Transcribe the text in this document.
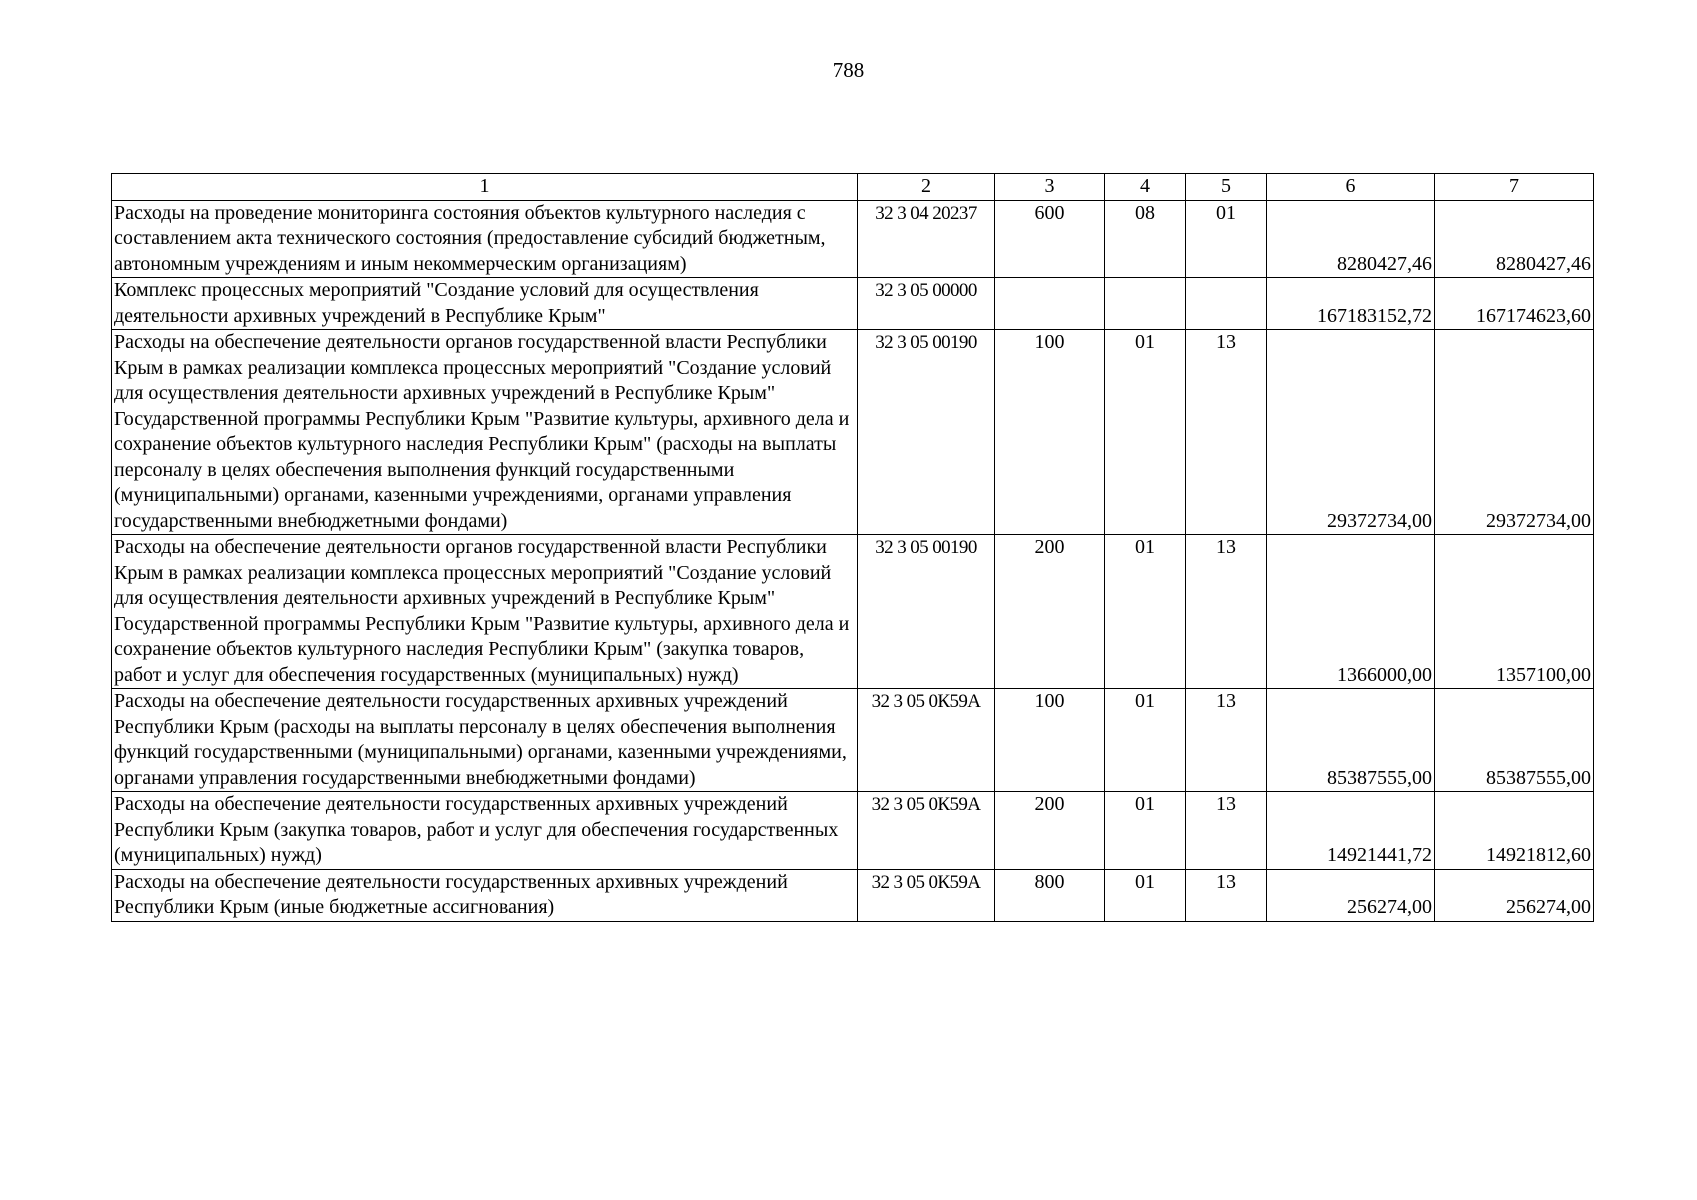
788
1	2	3	4	5	6	7
Расходы на проведение мониторинга состояния объектов культурного наследия с составлением акта технического состояния (предоставление субсидий бюджетным, автономным учреждениям и иным некоммерческим организациям)	32 3 04 20237	600	08	01	8280427,46	8280427,46
Комплекс процессных мероприятий "Создание условий для осуществления деятельности архивных учреждений в Республике Крым"	32 3 05 00000				167183152,72	167174623,60
Расходы на обеспечение деятельности органов государственной власти Республики Крым в рамках реализации комплекса процессных мероприятий "Создание условий для осуществления деятельности архивных учреждений в Республике Крым" Государственной программы Республики Крым "Развитие культуры, архивного дела и сохранение объектов культурного наследия Республики Крым" (расходы на выплаты персоналу в целях обеспечения выполнения функций государственными (муниципальными) органами, казенными учреждениями, органами управления государственными внебюджетными фондами)	32 3 05 00190	100	01	13	29372734,00	29372734,00
Расходы на обеспечение деятельности органов государственной власти Республики Крым в рамках реализации комплекса процессных мероприятий "Создание условий для осуществления деятельности архивных учреждений в Республике Крым" Государственной программы Республики Крым "Развитие культуры, архивного дела и сохранение объектов культурного наследия Республики Крым" (закупка товаров, работ и услуг для обеспечения государственных (муниципальных) нужд)	32 3 05 00190	200	01	13	1366000,00	1357100,00
Расходы на обеспечение деятельности государственных архивных учреждений Республики Крым (расходы на выплаты персоналу в целях обеспечения выполнения функций государственными (муниципальными) органами, казенными учреждениями, органами управления государственными внебюджетными фондами)	32 3 05 0К59А	100	01	13	85387555,00	85387555,00
Расходы на обеспечение деятельности государственных архивных учреждений Республики Крым (закупка товаров, работ и услуг для обеспечения государственных (муниципальных) нужд)	32 3 05 0К59А	200	01	13	14921441,72	14921812,60
Расходы на обеспечение деятельности государственных архивных учреждений Республики Крым (иные бюджетные ассигнования)	32 3 05 0К59А	800	01	13	256274,00	256274,00
